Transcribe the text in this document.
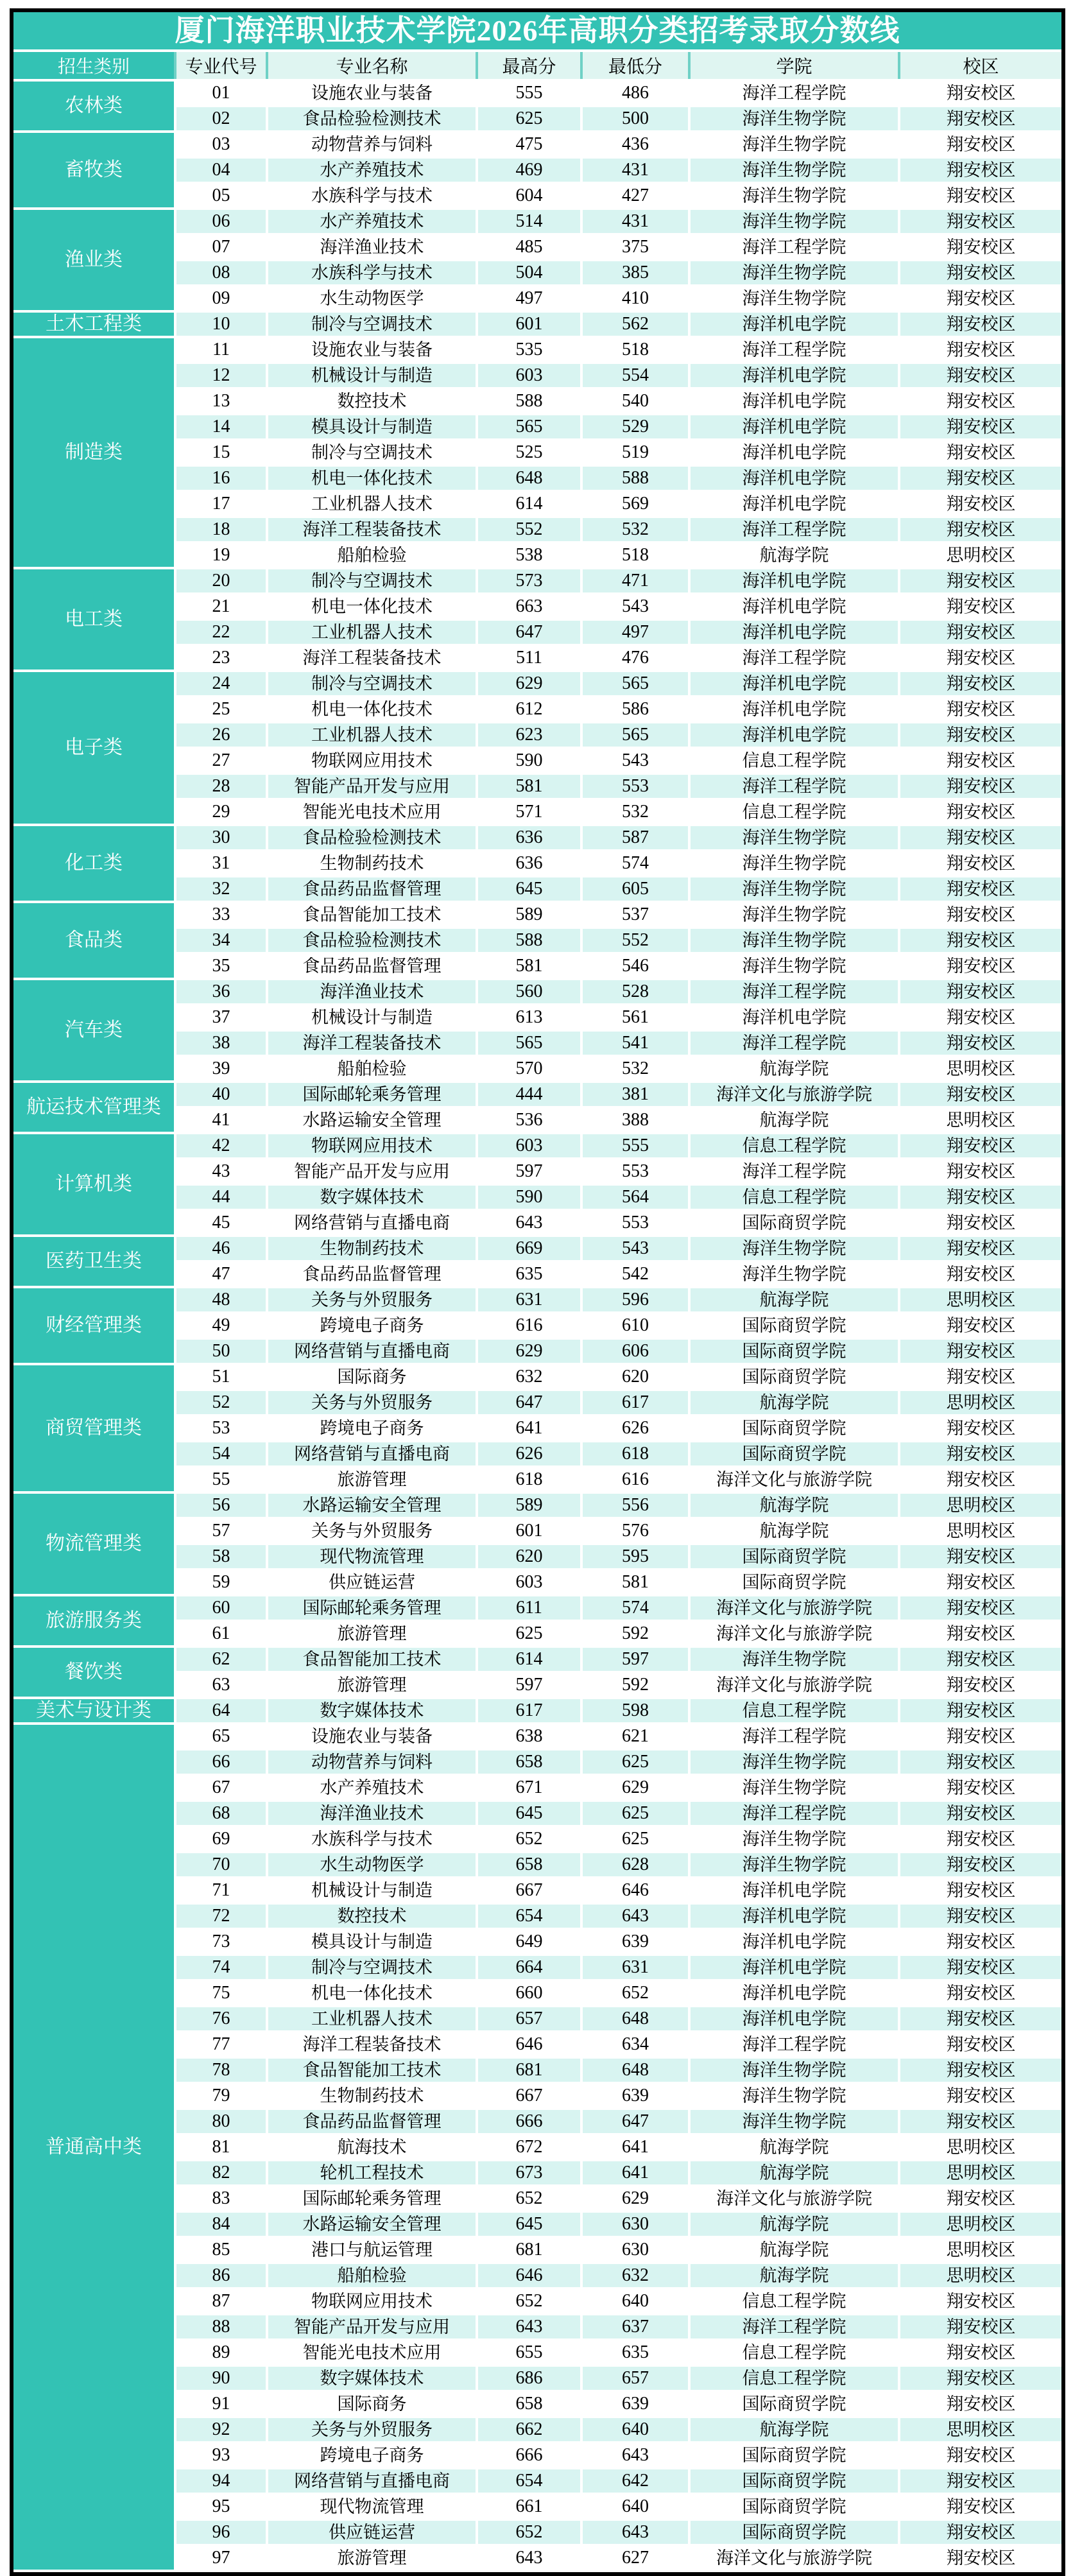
厦门海洋职业技术学院2026年高职分类招考录取分数线
招生类别	专业代号	专业名称	最高分	最低分	学院	校区
农林类	01	设施农业与装备	555	486	海洋工程学院	翔安校区
	02	食品检验检测技术	625	500	海洋生物学院	翔安校区
畜牧类	03	动物营养与饲料	475	436	海洋生物学院	翔安校区
	04	水产养殖技术	469	431	海洋生物学院	翔安校区
	05	水族科学与技术	604	427	海洋生物学院	翔安校区
渔业类	06	水产养殖技术	514	431	海洋生物学院	翔安校区
	07	海洋渔业技术	485	375	海洋工程学院	翔安校区
	08	水族科学与技术	504	385	海洋生物学院	翔安校区
	09	水生动物医学	497	410	海洋生物学院	翔安校区
土木工程类	10	制冷与空调技术	601	562	海洋机电学院	翔安校区
制造类	11	设施农业与装备	535	518	海洋工程学院	翔安校区
	12	机械设计与制造	603	554	海洋机电学院	翔安校区
	13	数控技术	588	540	海洋机电学院	翔安校区
	14	模具设计与制造	565	529	海洋机电学院	翔安校区
	15	制冷与空调技术	525	519	海洋机电学院	翔安校区
	16	机电一体化技术	648	588	海洋机电学院	翔安校区
	17	工业机器人技术	614	569	海洋机电学院	翔安校区
	18	海洋工程装备技术	552	532	海洋工程学院	翔安校区
	19	船舶检验	538	518	航海学院	思明校区
电工类	20	制冷与空调技术	573	471	海洋机电学院	翔安校区
	21	机电一体化技术	663	543	海洋机电学院	翔安校区
	22	工业机器人技术	647	497	海洋机电学院	翔安校区
	23	海洋工程装备技术	511	476	海洋工程学院	翔安校区
电子类	24	制冷与空调技术	629	565	海洋机电学院	翔安校区
	25	机电一体化技术	612	586	海洋机电学院	翔安校区
	26	工业机器人技术	623	565	海洋机电学院	翔安校区
	27	物联网应用技术	590	543	信息工程学院	翔安校区
	28	智能产品开发与应用	581	553	海洋工程学院	翔安校区
	29	智能光电技术应用	571	532	信息工程学院	翔安校区
化工类	30	食品检验检测技术	636	587	海洋生物学院	翔安校区
	31	生物制药技术	636	574	海洋生物学院	翔安校区
	32	食品药品监督管理	645	605	海洋生物学院	翔安校区
食品类	33	食品智能加工技术	589	537	海洋生物学院	翔安校区
	34	食品检验检测技术	588	552	海洋生物学院	翔安校区
	35	食品药品监督管理	581	546	海洋生物学院	翔安校区
汽车类	36	海洋渔业技术	560	528	海洋工程学院	翔安校区
	37	机械设计与制造	613	561	海洋机电学院	翔安校区
	38	海洋工程装备技术	565	541	海洋工程学院	翔安校区
	39	船舶检验	570	532	航海学院	思明校区
航运技术管理类	40	国际邮轮乘务管理	444	381	海洋文化与旅游学院	翔安校区
	41	水路运输安全管理	536	388	航海学院	思明校区
计算机类	42	物联网应用技术	603	555	信息工程学院	翔安校区
	43	智能产品开发与应用	597	553	海洋工程学院	翔安校区
	44	数字媒体技术	590	564	信息工程学院	翔安校区
	45	网络营销与直播电商	643	553	国际商贸学院	翔安校区
医药卫生类	46	生物制药技术	669	543	海洋生物学院	翔安校区
	47	食品药品监督管理	635	542	海洋生物学院	翔安校区
财经管理类	48	关务与外贸服务	631	596	航海学院	思明校区
	49	跨境电子商务	616	610	国际商贸学院	翔安校区
	50	网络营销与直播电商	629	606	国际商贸学院	翔安校区
商贸管理类	51	国际商务	632	620	国际商贸学院	翔安校区
	52	关务与外贸服务	647	617	航海学院	思明校区
	53	跨境电子商务	641	626	国际商贸学院	翔安校区
	54	网络营销与直播电商	626	618	国际商贸学院	翔安校区
	55	旅游管理	618	616	海洋文化与旅游学院	翔安校区
物流管理类	56	水路运输安全管理	589	556	航海学院	思明校区
	57	关务与外贸服务	601	576	航海学院	思明校区
	58	现代物流管理	620	595	国际商贸学院	翔安校区
	59	供应链运营	603	581	国际商贸学院	翔安校区
旅游服务类	60	国际邮轮乘务管理	611	574	海洋文化与旅游学院	翔安校区
	61	旅游管理	625	592	海洋文化与旅游学院	翔安校区
餐饮类	62	食品智能加工技术	614	597	海洋生物学院	翔安校区
	63	旅游管理	597	592	海洋文化与旅游学院	翔安校区
美术与设计类	64	数字媒体技术	617	598	信息工程学院	翔安校区
普通高中类	65	设施农业与装备	638	621	海洋工程学院	翔安校区
	66	动物营养与饲料	658	625	海洋生物学院	翔安校区
	67	水产养殖技术	671	629	海洋生物学院	翔安校区
	68	海洋渔业技术	645	625	海洋工程学院	翔安校区
	69	水族科学与技术	652	625	海洋生物学院	翔安校区
	70	水生动物医学	658	628	海洋生物学院	翔安校区
	71	机械设计与制造	667	646	海洋机电学院	翔安校区
	72	数控技术	654	643	海洋机电学院	翔安校区
	73	模具设计与制造	649	639	海洋机电学院	翔安校区
	74	制冷与空调技术	664	631	海洋机电学院	翔安校区
	75	机电一体化技术	660	652	海洋机电学院	翔安校区
	76	工业机器人技术	657	648	海洋机电学院	翔安校区
	77	海洋工程装备技术	646	634	海洋工程学院	翔安校区
	78	食品智能加工技术	681	648	海洋生物学院	翔安校区
	79	生物制药技术	667	639	海洋生物学院	翔安校区
	80	食品药品监督管理	666	647	海洋生物学院	翔安校区
	81	航海技术	672	641	航海学院	思明校区
	82	轮机工程技术	673	641	航海学院	思明校区
	83	国际邮轮乘务管理	652	629	海洋文化与旅游学院	翔安校区
	84	水路运输安全管理	645	630	航海学院	思明校区
	85	港口与航运管理	681	630	航海学院	思明校区
	86	船舶检验	646	632	航海学院	思明校区
	87	物联网应用技术	652	640	信息工程学院	翔安校区
	88	智能产品开发与应用	643	637	海洋工程学院	翔安校区
	89	智能光电技术应用	655	635	信息工程学院	翔安校区
	90	数字媒体技术	686	657	信息工程学院	翔安校区
	91	国际商务	658	639	国际商贸学院	翔安校区
	92	关务与外贸服务	662	640	航海学院	思明校区
	93	跨境电子商务	666	643	国际商贸学院	翔安校区
	94	网络营销与直播电商	654	642	国际商贸学院	翔安校区
	95	现代物流管理	661	640	国际商贸学院	翔安校区
	96	供应链运营	652	643	国际商贸学院	翔安校区
	97	旅游管理	643	627	海洋文化与旅游学院	翔安校区
